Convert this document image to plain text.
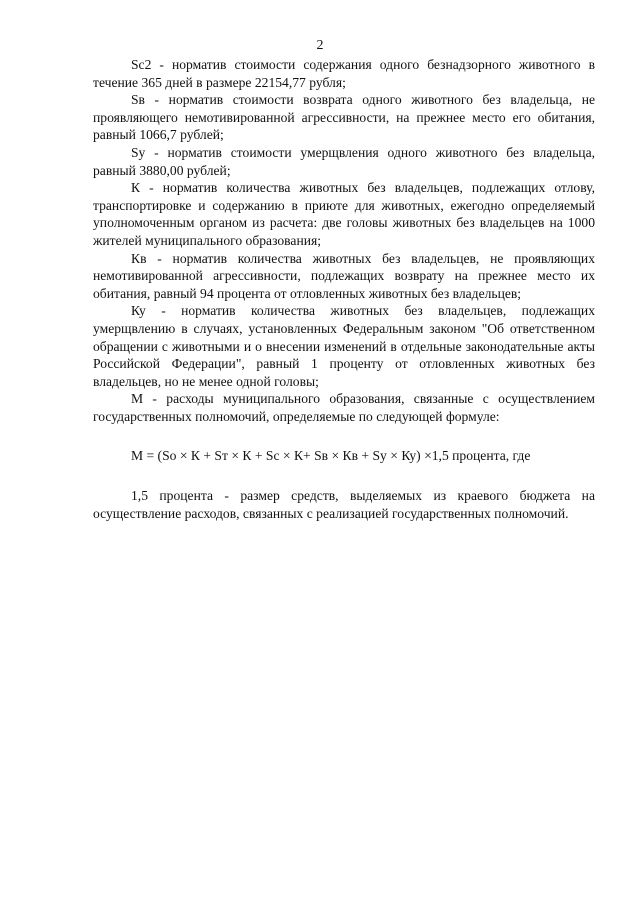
2

Sc2 - норматив стоимости содержания одного безнадзорного животного в течение 365 дней в размере 22154,77 рубля;

Sв - норматив стоимости возврата одного животного без владельца, не проявляющего немотивированной агрессивности, на прежнее место его обитания, равный 1066,7 рублей;

Sy - норматив стоимости умерщвления одного животного без владельца, равный 3880,00 рублей;

К - норматив количества животных без владельцев, подлежащих отлову, транспортировке и содержанию в приюте для животных, ежегодно определяемый уполномоченным органом из расчета: две головы животных без владельцев на 1000 жителей муниципального образования;

Кв - норматив количества животных без владельцев, не проявляющих немотивированной агрессивности, подлежащих возврату на прежнее место их обитания, равный 94 процента от отловленных животных без владельцев;

Ку - норматив количества животных без владельцев, подлежащих умерщвлению в случаях, установленных Федеральным законом "Об ответственном обращении с животными и о внесении изменений в отдельные законодательные акты Российской Федерации", равный 1 проценту от отловленных животных без владельцев, но не менее одной головы;

М - расходы муниципального образования, связанные с осуществлением государственных полномочий, определяемые по следующей формуле:

М = (Sо × К + Sт × К + Sc × К+ Sв × Кв + Sy × Ку) ×1,5 процента, где

1,5 процента - размер средств, выделяемых из краевого бюджета на осуществление расходов, связанных с реализацией государственных полномочий.
